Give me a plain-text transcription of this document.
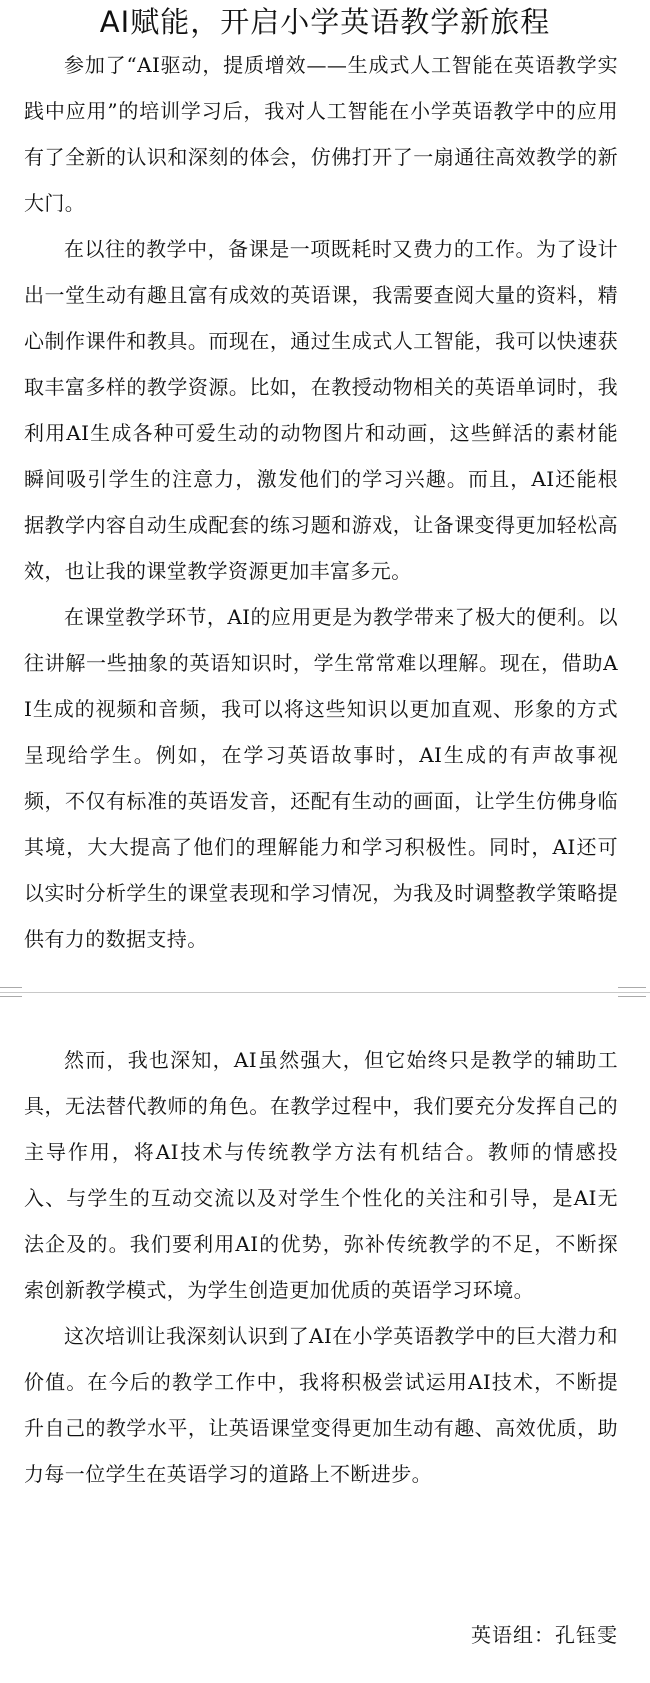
AI赋能，开启小学英语教学新旅程

参加了“AI驱动，提质增效——生成式人工智能在英语教学实践中应用”的培训学习后，我对人工智能在小学英语教学中的应用有了全新的认识和深刻的体会，仿佛打开了一扇通往高效教学的新大门。

在以往的教学中，备课是一项既耗时又费力的工作。为了设计出一堂生动有趣且富有成效的英语课，我需要查阅大量的资料，精心制作课件和教具。而现在，通过生成式人工智能，我可以快速获取丰富多样的教学资源。比如，在教授动物相关的英语单词时，我利用AI生成各种可爱生动的动物图片和动画，这些鲜活的素材能瞬间吸引学生的注意力，激发他们的学习兴趣。而且，AI还能根据教学内容自动生成配套的练习题和游戏，让备课变得更加轻松高效，也让我的课堂教学资源更加丰富多元。

在课堂教学环节，AI的应用更是为教学带来了极大的便利。以往讲解一些抽象的英语知识时，学生常常难以理解。现在，借助AI生成的视频和音频，我可以将这些知识以更加直观、形象的方式呈现给学生。例如，在学习英语故事时，AI生成的有声故事视频，不仅有标准的英语发音，还配有生动的画面，让学生仿佛身临其境，大大提高了他们的理解能力和学习积极性。同时，AI还可以实时分析学生的课堂表现和学习情况，为我及时调整教学策略提供有力的数据支持。

然而，我也深知，AI虽然强大，但它始终只是教学的辅助工具，无法替代教师的角色。在教学过程中，我们要充分发挥自己的主导作用，将AI技术与传统教学方法有机结合。教师的情感投入、与学生的互动交流以及对学生个性化的关注和引导，是AI无法企及的。我们要利用AI的优势，弥补传统教学的不足，不断探索创新教学模式，为学生创造更加优质的英语学习环境。

这次培训让我深刻认识到了AI在小学英语教学中的巨大潜力和价值。在今后的教学工作中，我将积极尝试运用AI技术，不断提升自己的教学水平，让英语课堂变得更加生动有趣、高效优质，助力每一位学生在英语学习的道路上不断进步。

英语组：孔钰雯
